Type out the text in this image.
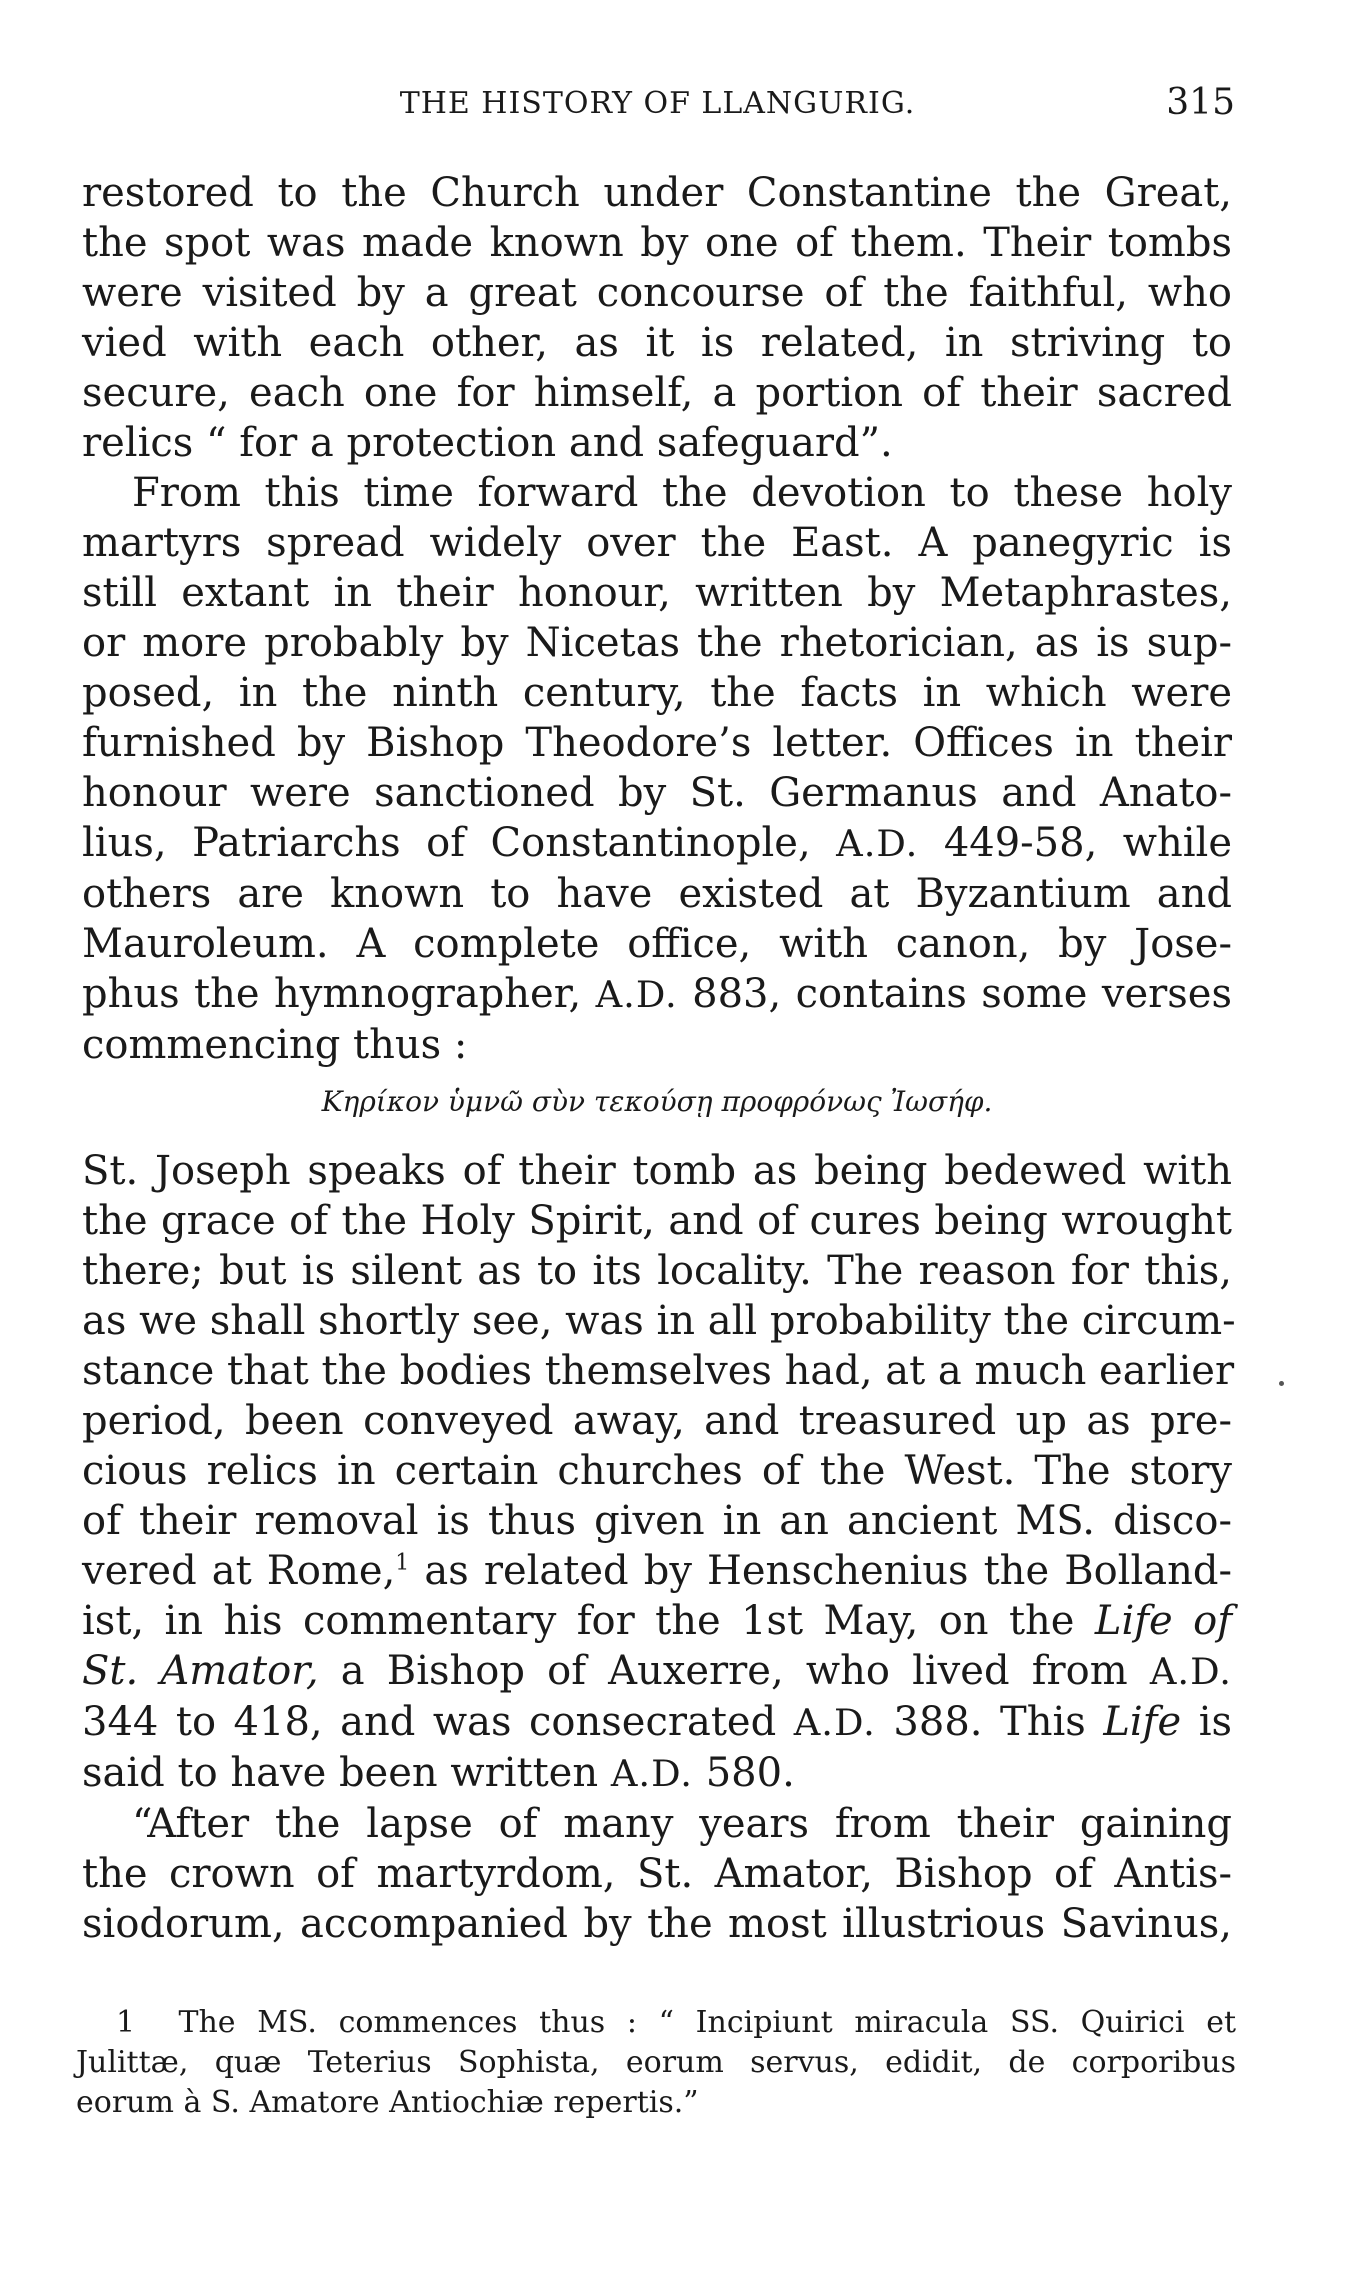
THE HISTORY OF LLANGURIG.	315
restored to the Church under Constantine the Great,
the spot was made known by one of them. Their tombs
were visited by a great concourse of the faithful, who
vied with each other, as it is related, in striving to
secure, each one for himself, a portion of their sacred
relics “ for a protection and safeguard”.
From this time forward the devotion to these holy
martyrs spread widely over the East. A panegyric is
still extant in their honour, written by Metaphrastes,
or more probably by Nicetas the rhetorician, as is sup-
posed, in the ninth century, the facts in which were
furnished by Bishop Theodore’s letter. Offices in their
honour were sanctioned by St. Germanus and Anato-
lius, Patriarchs of Constantinople, A.D. 449-58, while
others are known to have existed at Byzantium and
Mauroleum. A complete office, with canon, by Jose-
phus the hymnographer, A.D. 883, contains some verses
commencing thus :
Κηρίκον ὑμνῶ σὺν τεκούσῃ προφρόνως Ἰωσήφ.
St. Joseph speaks of their tomb as being bedewed with
the grace of the Holy Spirit, and of cures being wrought
there; but is silent as to its locality. The reason for this,
as we shall shortly see, was in all probability the circum-
stance that the bodies themselves had, at a much earlier
period, been conveyed away, and treasured up as pre-
cious relics in certain churches of the West. The story
of their removal is thus given in an ancient MS. disco-
vered at Rome,$^1$ as related by Henschenius the Bolland-
ist, in his commentary for the 1st May, on the Life of
St. Amator, a Bishop of Auxerre, who lived from A.D.
344 to 418, and was consecrated A.D. 388. This Life is
said to have been written A.D. 580.
“After the lapse of many years from their gaining
the crown of martyrdom, St. Amator, Bishop of Antis-
siodorum, accompanied by the most illustrious Savinus,
1 The MS. commences thus : “ Incipiunt miracula SS. Quirici et
Julittæ, quæ Teterius Sophista, eorum servus, edidit, de corporibus
eorum à S. Amatore Antiochiæ repertis.”
